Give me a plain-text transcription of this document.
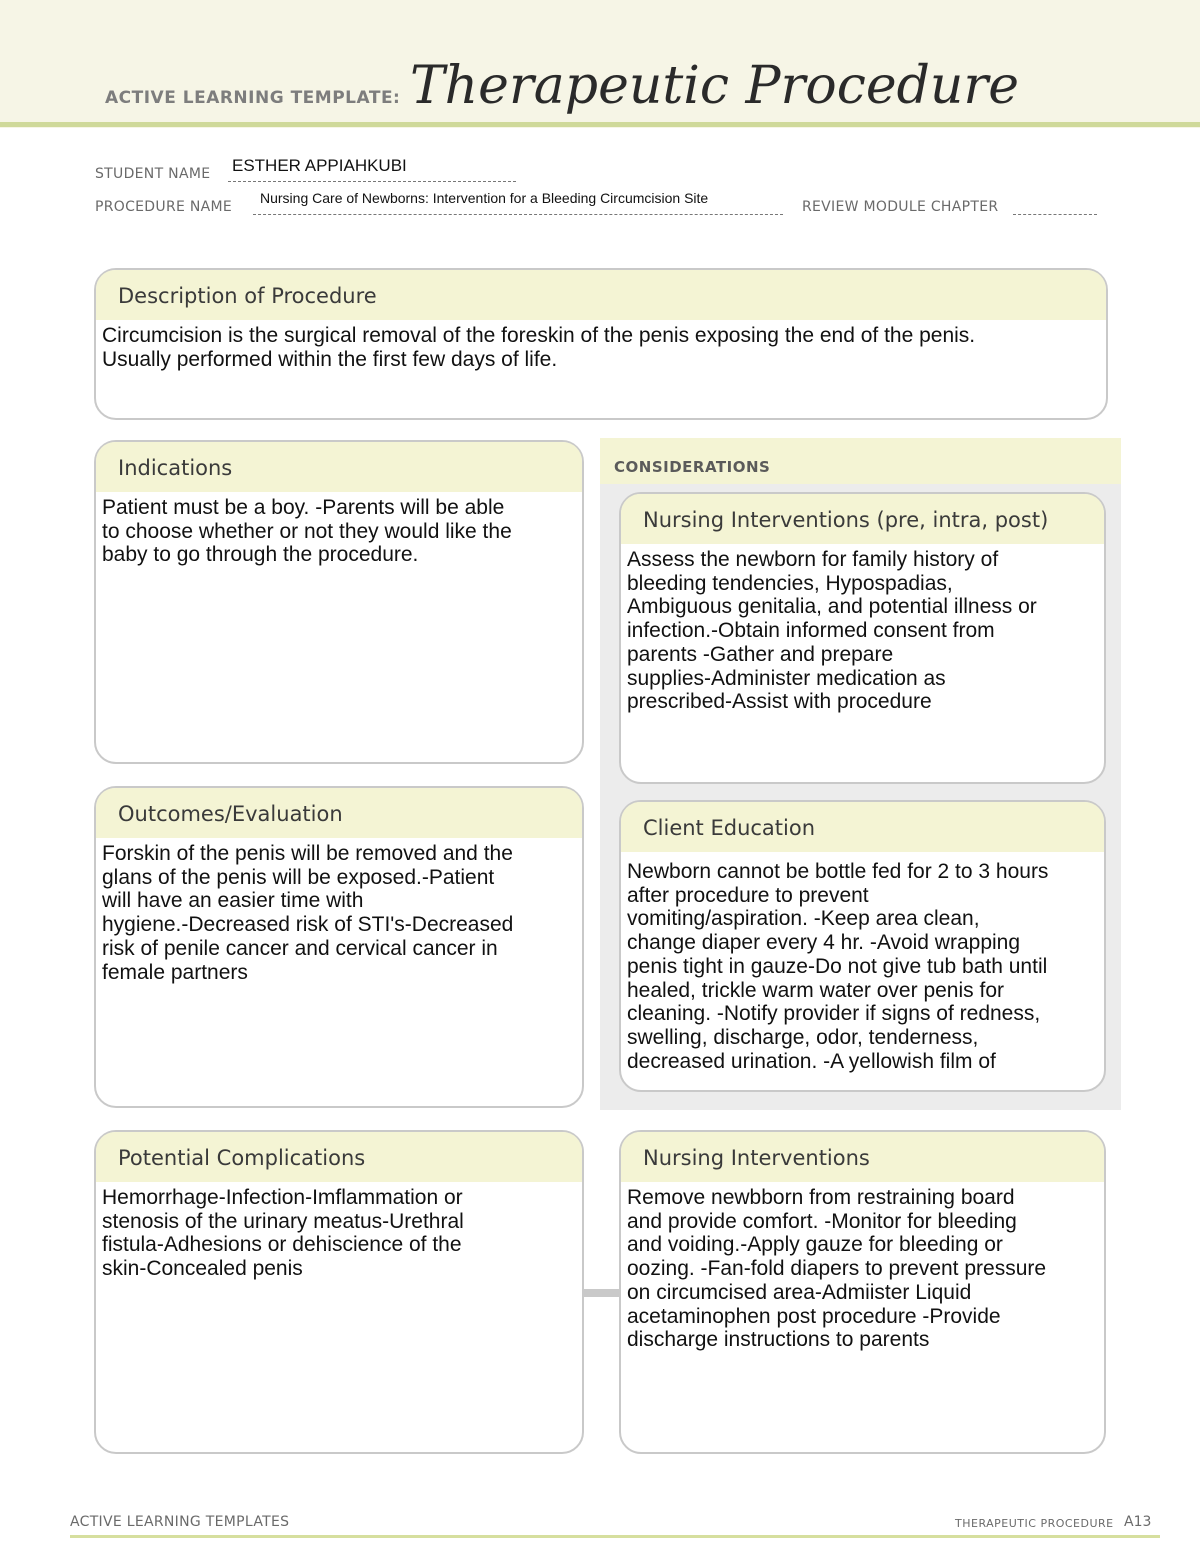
ACTIVE LEARNING TEMPLATE: Therapeutic Procedure
STUDENT NAME ESTHER APPIAHKUBI
PROCEDURE NAME
Nursing Care of Newborns: Intervention for a Bleeding Circumcision Site
REVIEW MODULE CHAPTER
Description of Procedure
Circumcision is the surgical removal of the foreskin of the penis exposing the end of the penis.
Usually performed within the first few days of life.
CONSIDERATIONS
Indications
Patient must be a boy. -Parents will be able
to choose whether or not they would like the
baby to go through the procedure.
Nursing Interventions (pre, intra, post)
Assess the newborn for family history of
bleeding tendencies, Hypospadias,
Ambiguous genitalia, and potential illness or
infection.-Obtain informed consent from
parents -Gather and prepare
supplies-Administer medication as
prescribed-Assist with procedure
Outcomes/Evaluation
Forskin of the penis will be removed and the
glans of the penis will be exposed.-Patient
will have an easier time with
hygiene.-Decreased risk of STI's-Decreased
risk of penile cancer and cervical cancer in
female partners
Client Education
Newborn cannot be bottle fed for 2 to 3 hours
after procedure to prevent
vomiting/aspiration. -Keep area clean,
change diaper every 4 hr. -Avoid wrapping
penis tight in gauze-Do not give tub bath until
healed, trickle warm water over penis for
cleaning. -Notify provider if signs of redness,
swelling, discharge, odor, tenderness,
decreased urination. -A yellowish film of
Potential Complications
Hemorrhage-Infection-Imflammation or
stenosis of the urinary meatus-Urethral
fistula-Adhesions or dehiscience of the
skin-Concealed penis
Nursing Interventions
Remove newbborn from restraining board
and provide comfort. -Monitor for bleeding
and voiding.-Apply gauze for bleeding or
oozing. -Fan-fold diapers to prevent pressure
on circumcised area-Admiister Liquid
acetaminophen post procedure -Provide
discharge instructions to parents
ACTIVE LEARNING TEMPLATES	THERAPEUTIC PROCEDURE A13
